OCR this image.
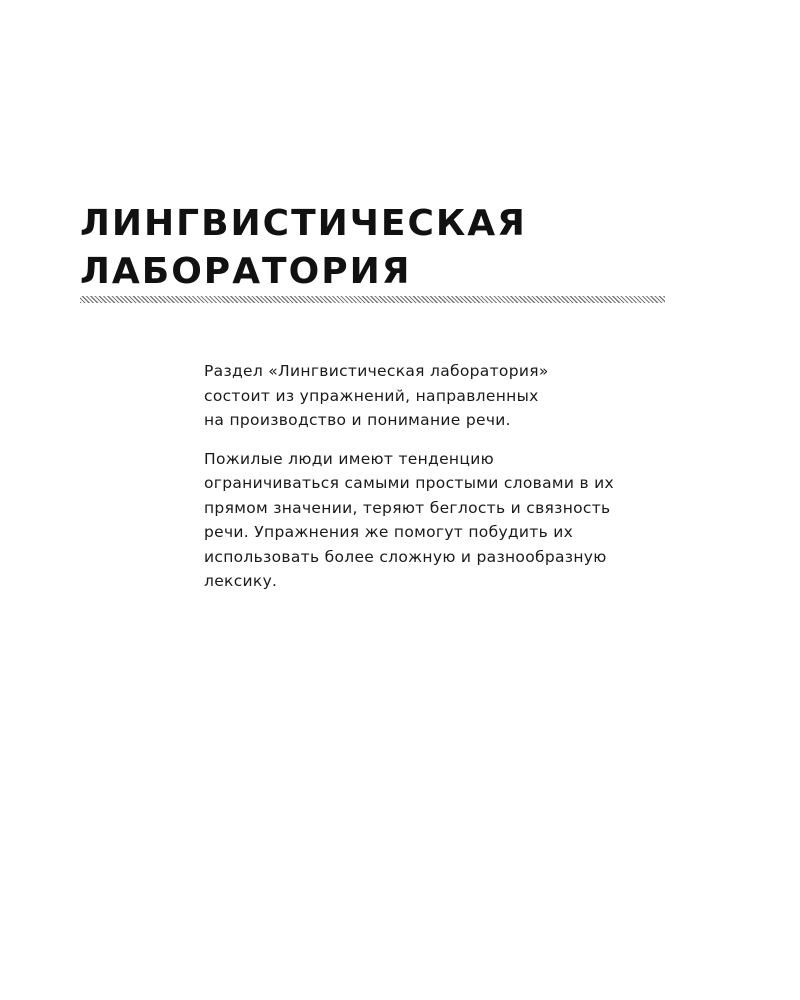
ЛИНГВИСТИЧЕСКАЯ
ЛАБОРАТОРИЯ

Раздел «Лингвистическая лаборатория»
состоит из упражнений, направленных
на производство и понимание речи.

Пожилые люди имеют тенденцию
ограничиваться самыми простыми словами в их
прямом значении, теряют беглость и связность
речи. Упражнения же помогут побудить их
использовать более сложную и разнообразную
лексику.
